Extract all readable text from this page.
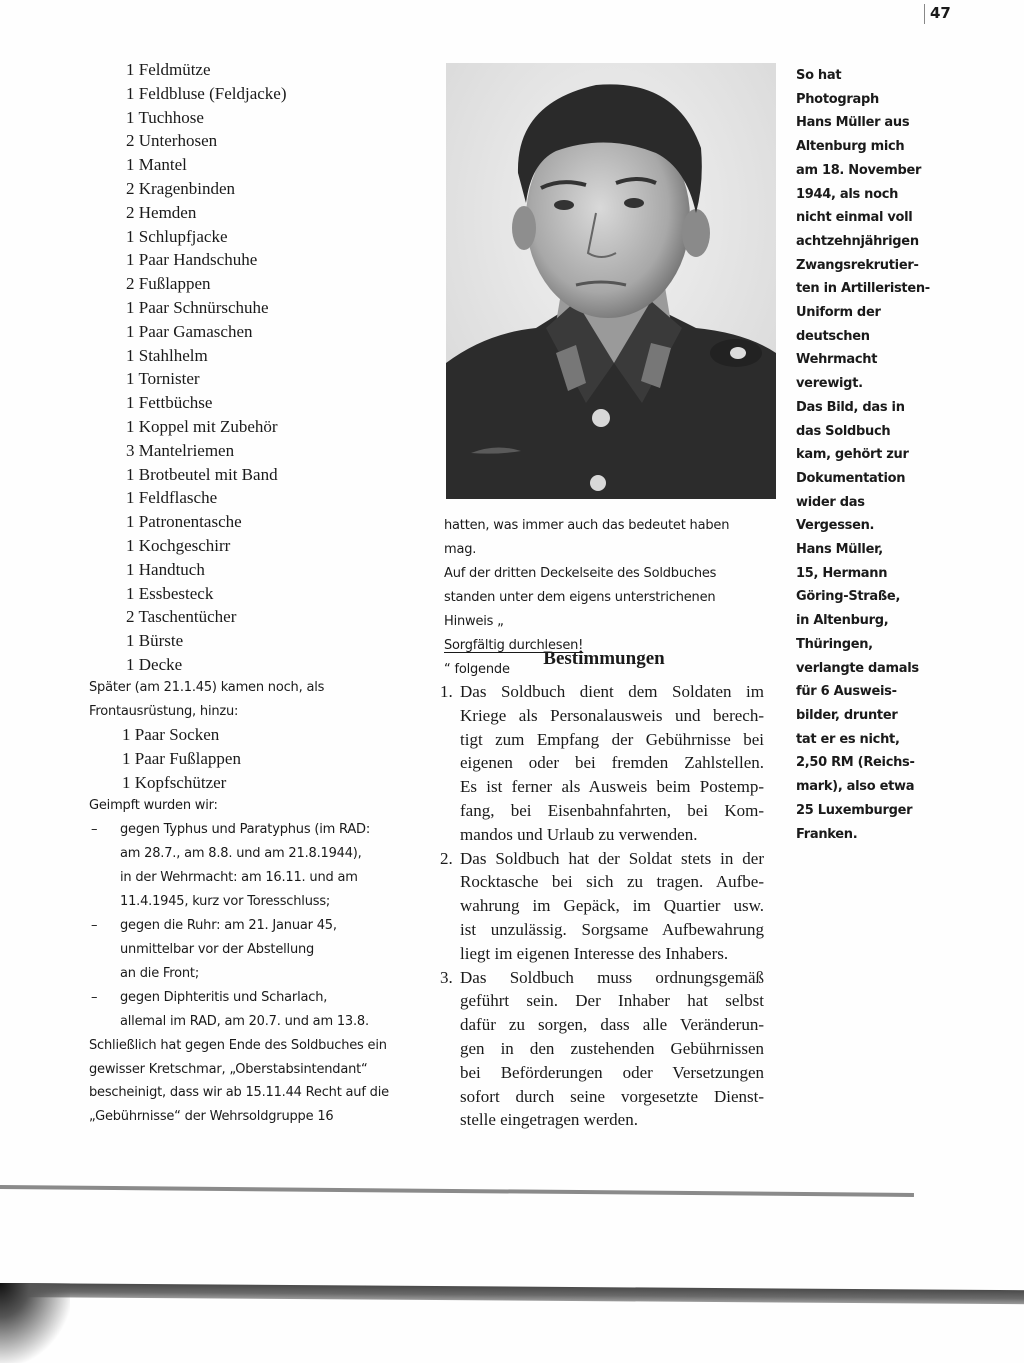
47
1 Feldmütze
1 Feldbluse (Feldjacke)
1 Tuchhose
2 Unterhosen
1 Mantel
2 Kragenbinden
2 Hemden
1 Schlupfjacke
1 Paar Handschuhe
2 Fußlappen
1 Paar Schnürschuhe
1 Paar Gamaschen
1 Stahlhelm
1 Tornister
1 Fettbüchse
1 Koppel mit Zubehör
3 Mantelriemen
1 Brotbeutel mit Band
1 Feldflasche
1 Patronentasche
1 Kochgeschirr
1 Handtuch
1 Essbesteck
2 Taschentücher
1 Bürste
1 Decke
Später (am 21.1.45) kamen noch, als
Frontausrüstung, hinzu:
1 Paar Socken
1 Paar Fußlappen
1 Kopfschützer
Geimpft wurden wir:
– gegen Typhus und Paratyphus (im RAD:
am 28.7., am 8.8. und am 21.8.1944),
in der Wehrmacht: am 16.11. und am
11.4.1945, kurz vor Toresschluss;
– gegen die Ruhr: am 21. Januar 45,
unmittelbar vor der Abstellung
an die Front;
– gegen Diphteritis und Scharlach,
allemal im RAD, am 20.7. und am 13.8.
Schließlich hat gegen Ende des Soldbuches ein
gewisser Kretschmar, „Oberstabsintendant“
bescheinigt, dass wir ab 15.11.44 Recht auf die
„Gebührnisse“ der Wehrsoldgruppe 16
hatten, was immer auch das bedeutet haben
mag.
Auf der dritten Deckelseite des Soldbuches
standen unter dem eigens unterstrichenen
Hinweis „
Sorgfältig durchlesen!
“ folgende
Bestimmungen
1. Das Soldbuch dient dem Soldaten im
Kriege als Personalausweis und berech-
tigt zum Empfang der Gebührnisse bei
eigenen oder bei fremden Zahlstellen.
Es ist ferner als Ausweis beim Postemp-
fang, bei Eisenbahnfahrten, bei Kom-
mandos und Urlaub zu verwenden.
2. Das Soldbuch hat der Soldat stets in der
Rocktasche bei sich zu tragen. Aufbe-
wahrung im Gepäck, im Quartier usw.
ist unzulässig. Sorgsame Aufbewahrung
liegt im eigenen Interesse des Inhabers.
3. Das Soldbuch muss ordnungsgemäß
geführt sein. Der Inhaber hat selbst
dafür zu sorgen, dass alle Veränderun-
gen in den zustehenden Gebührnissen
bei Beförderungen oder Versetzungen
sofort durch seine vorgesetzte Dienst-
stelle eingetragen werden.
So hat
Photograph
Hans Müller aus
Altenburg mich
am 18. November
1944, als noch
nicht einmal voll
achtzehnjährigen
Zwangsrekrutier-
ten in Artilleristen-
Uniform der
deutschen
Wehrmacht
verewigt.
Das Bild, das in
das Soldbuch
kam, gehört zur
Dokumentation
wider das
Vergessen.
Hans Müller,
15, Hermann
Göring-Straße,
in Altenburg,
Thüringen,
verlangte damals
für 6 Ausweis-
bilder, drunter
tat er es nicht,
2,50 RM (Reichs-
mark), also etwa
25 Luxemburger
Franken.
